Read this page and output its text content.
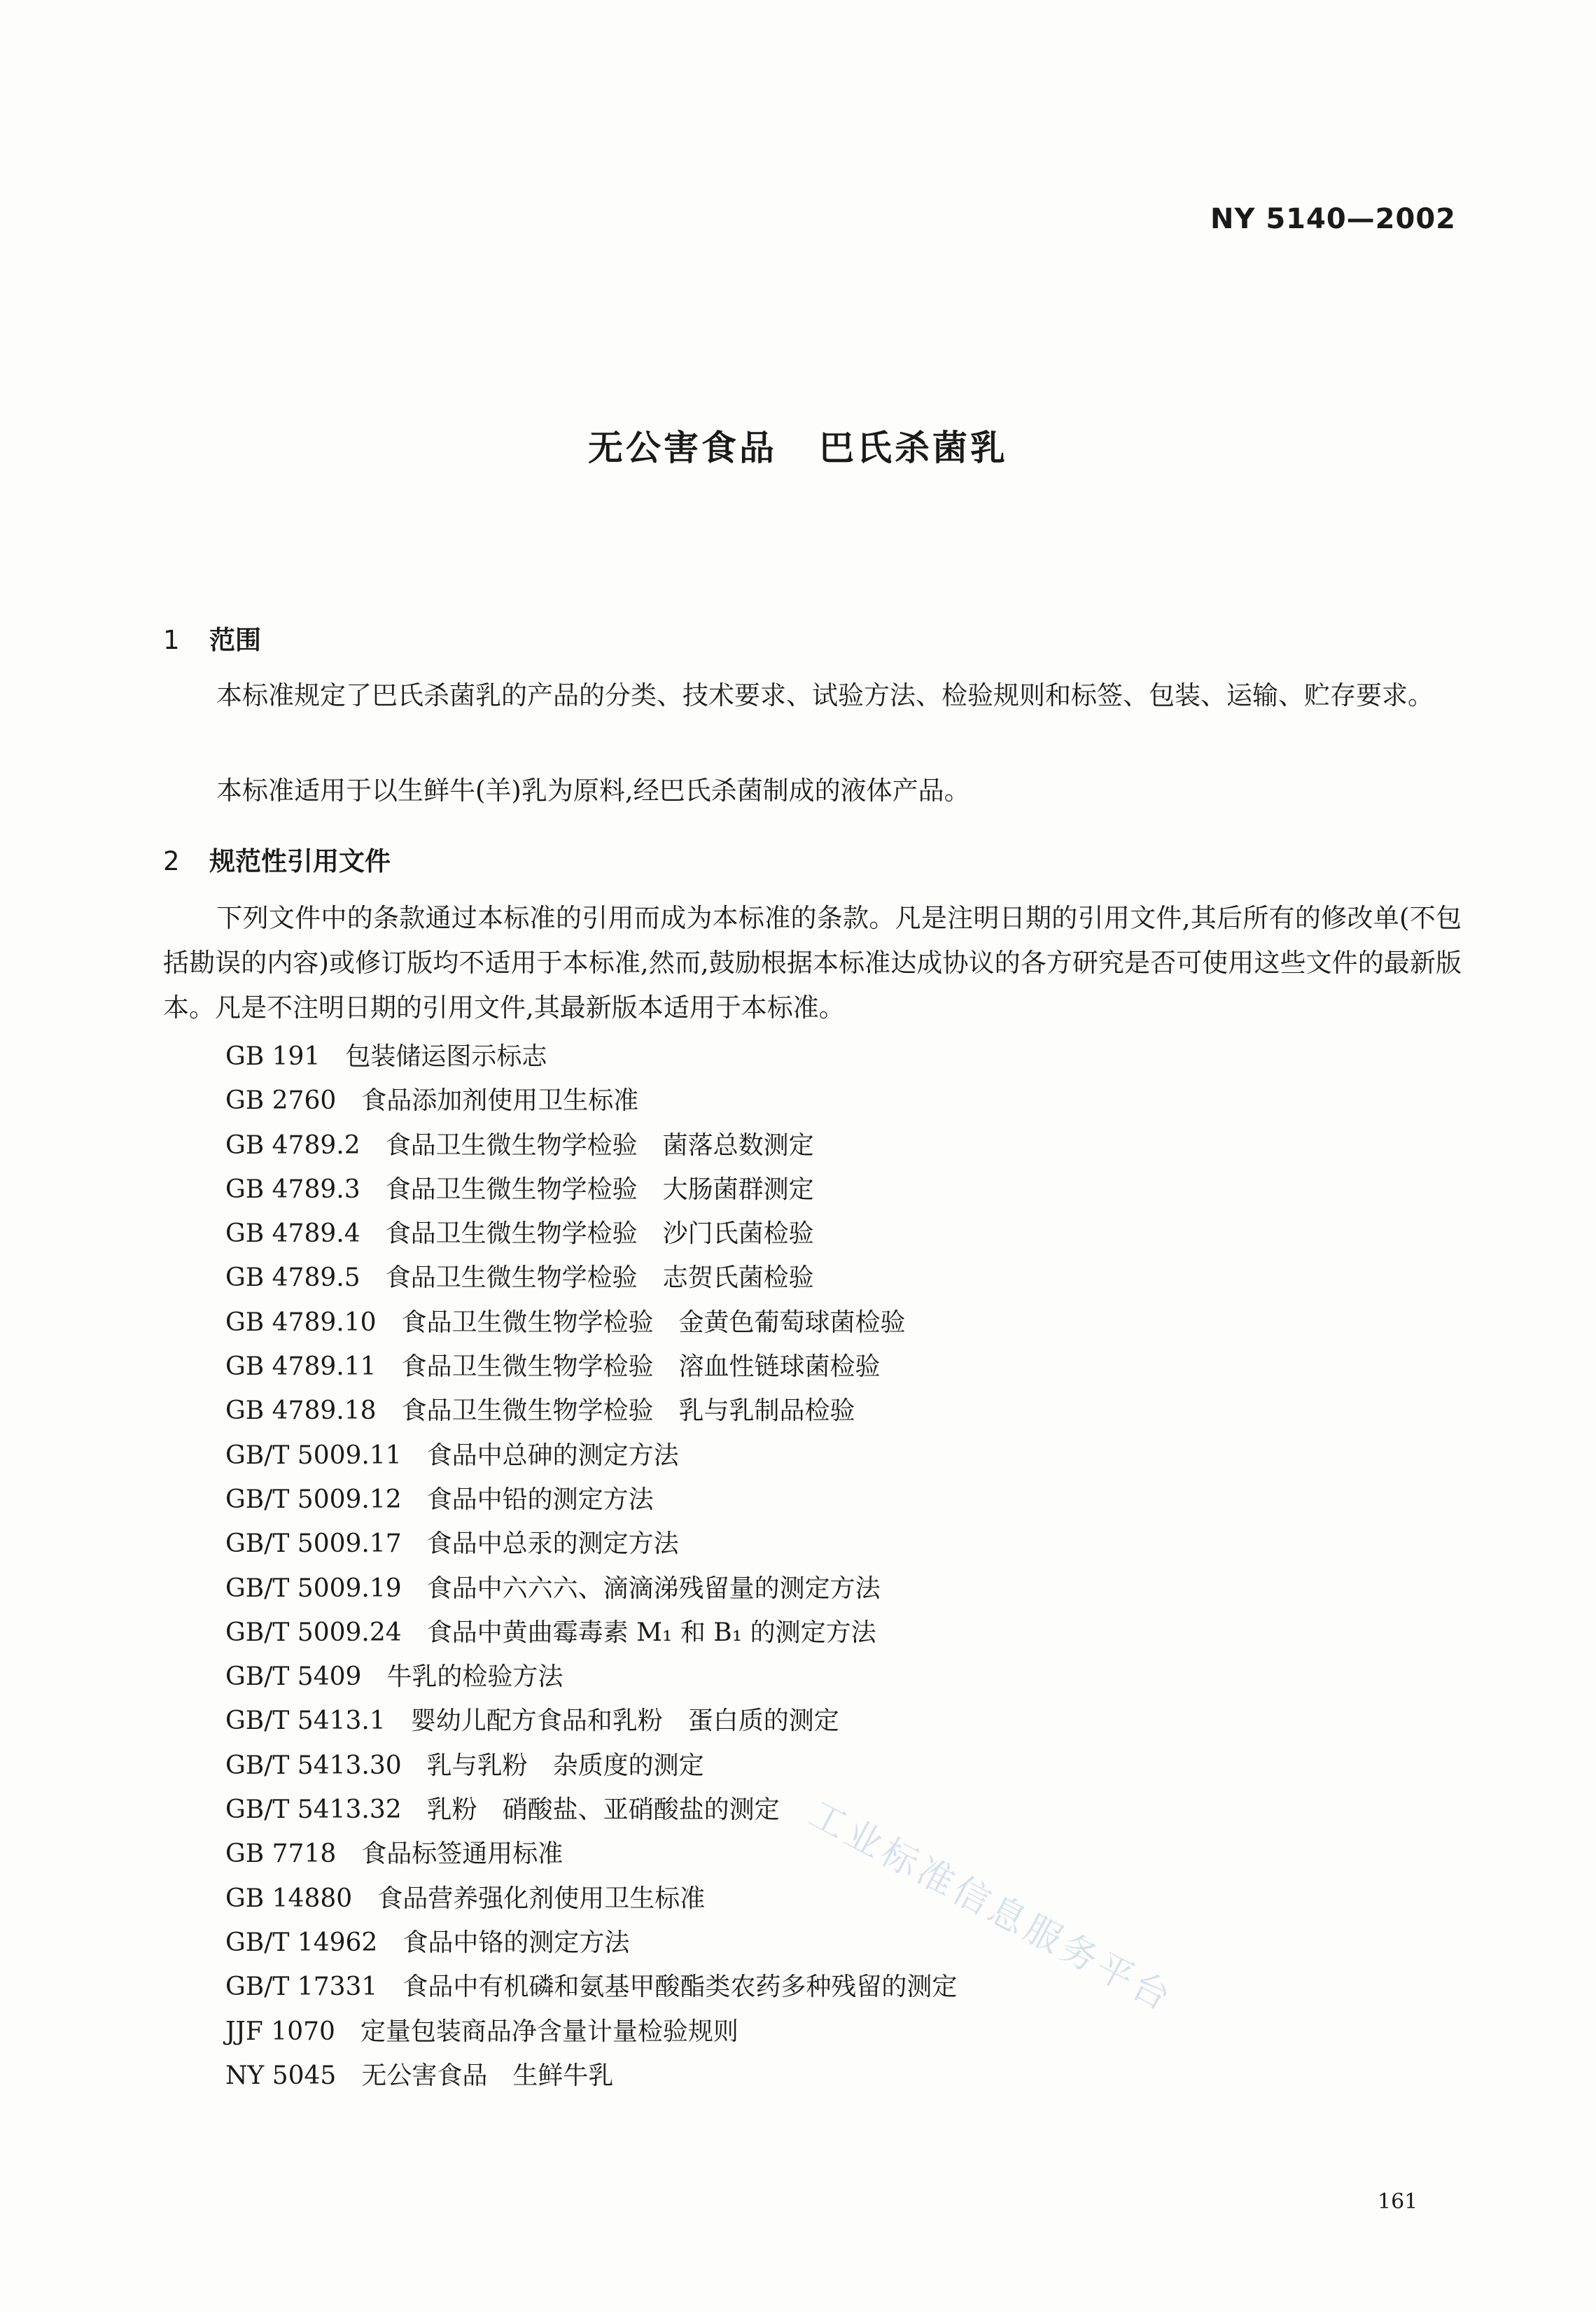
NY 5140—2002
无公害食品 巴氏杀菌乳
1 范围
本标准规定了巴氏杀菌乳的产品的分类、技术要求、试验方法、检验规则和标签、包装、运输、贮存要求。
本标准适用于以生鲜牛(羊)乳为原料,经巴氏杀菌制成的液体产品。
2 规范性引用文件
下列文件中的条款通过本标准的引用而成为本标准的条款。凡是注明日期的引用文件,其后所有的修改单(不包括勘误的内容)或修订版均不适用于本标准,然而,鼓励根据本标准达成协议的各方研究是否可使用这些文件的最新版本。凡是不注明日期的引用文件,其最新版本适用于本标准。
GB 191 包装储运图示标志
GB 2760 食品添加剂使用卫生标准
GB 4789.2 食品卫生微生物学检验　菌落总数测定
GB 4789.3 食品卫生微生物学检验　大肠菌群测定
GB 4789.4 食品卫生微生物学检验　沙门氏菌检验
GB 4789.5 食品卫生微生物学检验　志贺氏菌检验
GB 4789.10 食品卫生微生物学检验　金黄色葡萄球菌检验
GB 4789.11 食品卫生微生物学检验　溶血性链球菌检验
GB 4789.18 食品卫生微生物学检验　乳与乳制品检验
GB/T 5009.11 食品中总砷的测定方法
GB/T 5009.12 食品中铅的测定方法
GB/T 5009.17 食品中总汞的测定方法
GB/T 5009.19 食品中六六六、滴滴涕残留量的测定方法
GB/T 5009.24 食品中黄曲霉毒素 M₁ 和 B₁ 的测定方法
GB/T 5409 牛乳的检验方法
GB/T 5413.1 婴幼儿配方食品和乳粉　蛋白质的测定
GB/T 5413.30 乳与乳粉　杂质度的测定
GB/T 5413.32 乳粉　硝酸盐、亚硝酸盐的测定
GB 7718 食品标签通用标准
GB 14880 食品营养强化剂使用卫生标准
GB/T 14962 食品中铬的测定方法
GB/T 17331 食品中有机磷和氨基甲酸酯类农药多种残留的测定
JJF 1070 定量包装商品净含量计量检验规则
NY 5045 无公害食品　生鲜牛乳
工业标准信息服务平台
161
